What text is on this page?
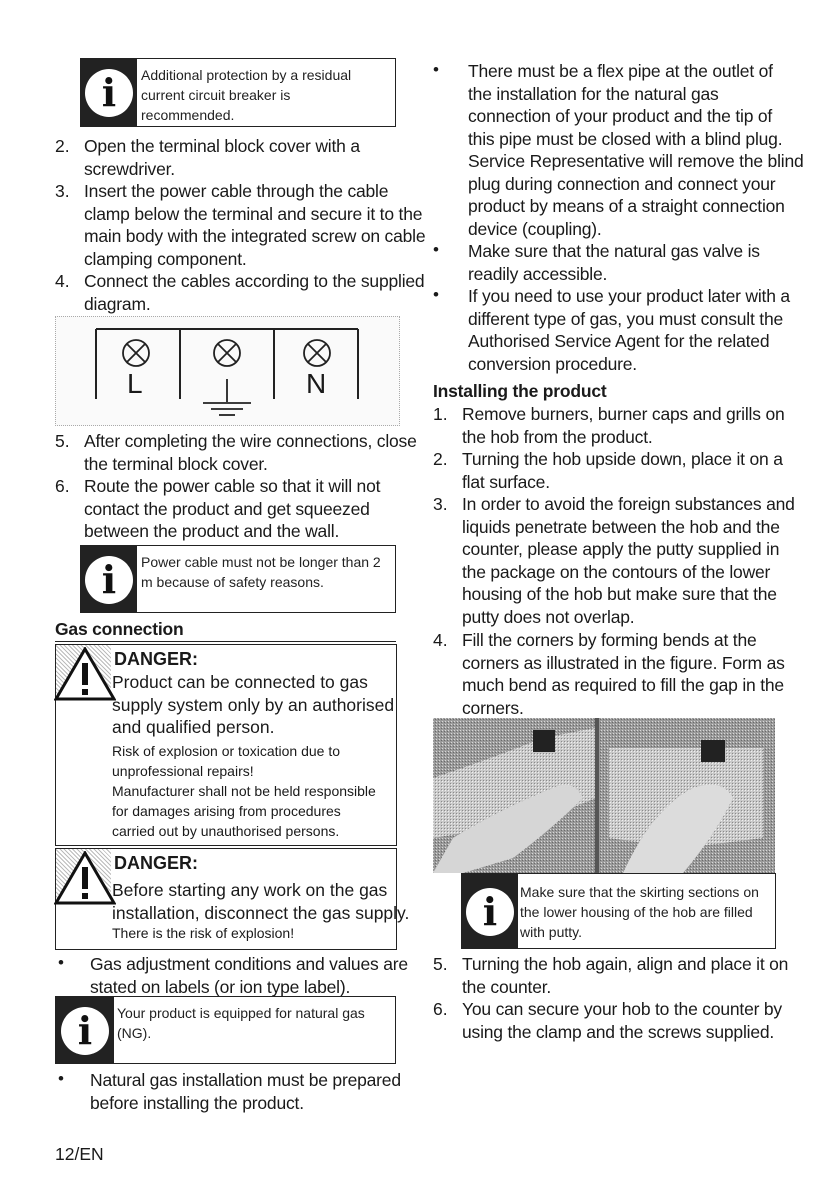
i	Additional protection by a residual
current circuit breaker is
recommended.
2. Open the terminal block cover with a
screwdriver.
3. Insert the power cable through the cable
clamp below the terminal and secure it to the
main body with the integrated screw on cable
clamping component.
4. Connect the cables according to the supplied
diagram.
L	N
5. After completing the wire connections, close
the terminal block cover.
6. Route the power cable so that it will not
contact the product and get squeezed
between the product and the wall.
i	Power cable must not be longer than 2
m because of safety reasons.
Gas connection
DANGER:
Product can be connected to gas
supply system only by an authorised
and qualified person.
Risk of explosion or toxication due to
unprofessional repairs!
Manufacturer shall not be held responsible
for damages arising from procedures
carried out by unauthorised persons.
DANGER:
Before starting any work on the gas
installation, disconnect the gas supply.
There is the risk of explosion!
• Gas adjustment conditions and values are
stated on labels (or ion type label).
i	Your product is equipped for natural gas
(NG).
• Natural gas installation must be prepared
before installing the product.
• There must be a flex pipe at the outlet of
the installation for the natural gas
connection of your product and the tip of
this pipe must be closed with a blind plug.
Service Representative will remove the blind
plug during connection and connect your
product by means of a straight connection
device (coupling).
• Make sure that the natural gas valve is
readily accessible.
• If you need to use your product later with a
different type of gas, you must consult the
Authorised Service Agent for the related
conversion procedure.
Installing the product
1. Remove burners, burner caps and grills on
the hob from the product.
2. Turning the hob upside down, place it on a
flat surface.
3. In order to avoid the foreign substances and
liquids penetrate between the hob and the
counter, please apply the putty supplied in
the package on the contours of the lower
housing of the hob but make sure that the
putty does not overlap.
4. Fill the corners by forming bends at the
corners as illustrated in the figure. Form as
much bend as required to fill the gap in the
corners.
i	Make sure that the skirting sections on
the lower housing of the hob are filled
with putty.
5. Turning the hob again, align and place it on
the counter.
6. You can secure your hob to the counter by
using the clamp and the screws supplied.
12/EN
